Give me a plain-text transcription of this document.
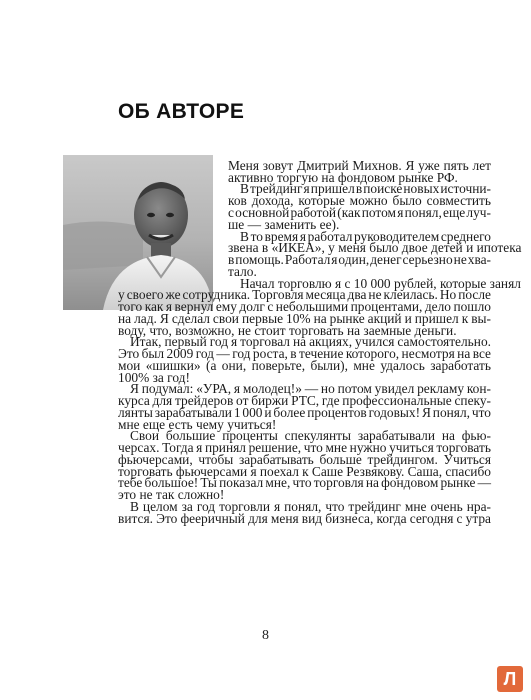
ОБ АВТОРЕ
Меня зовут Дмитрий Михнов. Я уже пять лет
активно торгую на фондовом рынке РФ.
В трейдинг я пришел в поиске новых источни-
ков дохода, которые можно было совместить
с основной работой (как потом я понял, еще луч-
ше — заменить ее).
В то время я работал руководителем среднего
звена в «ИКЕА», у меня было двое детей и ипотека
в помощь. Работал я один, денег серьезно не хва-
тало.
Начал торговлю я с 10 000 рублей, которые занял
у своего же сотрудника. Торговля месяца два не клеилась. Но после
того как я вернул ему долг с небольшими процентами, дело пошло
на лад. Я сделал свои первые 10% на рынке акций и пришел к вы-
воду, что, возможно, не стоит торговать на заемные деньги.
Итак, первый год я торговал на акциях, учился самостоятельно.
Это был 2009 год — год роста, в течение которого, несмотря на все
мои «шишки» (а они, поверьте, были), мне удалось заработать
100% за год!
Я подумал: «УРА, я молодец!» — но потом увидел рекламу кон-
курса для трейдеров от биржи РТС, где профессиональные спеку-
лянты зарабатывали 1 000 и более процентов годовых! Я понял, что
мне еще есть чему учиться!
Свои большие проценты спекулянты зарабатывали на фью-
черсах. Тогда я принял решение, что мне нужно учиться торговать
фьючерсами, чтобы зарабатывать больше трейдингом. Учиться
торговать фьючерсами я поехал к Саше Резвякову. Саша, спасибо
тебе большое! Ты показал мне, что торговля на фондовом рынке —
это не так сложно!
В целом за год торговли я понял, что трейдинг мне очень нра-
вится. Это фееричный для меня вид бизнеса, когда сегодня с утра
8
Л
